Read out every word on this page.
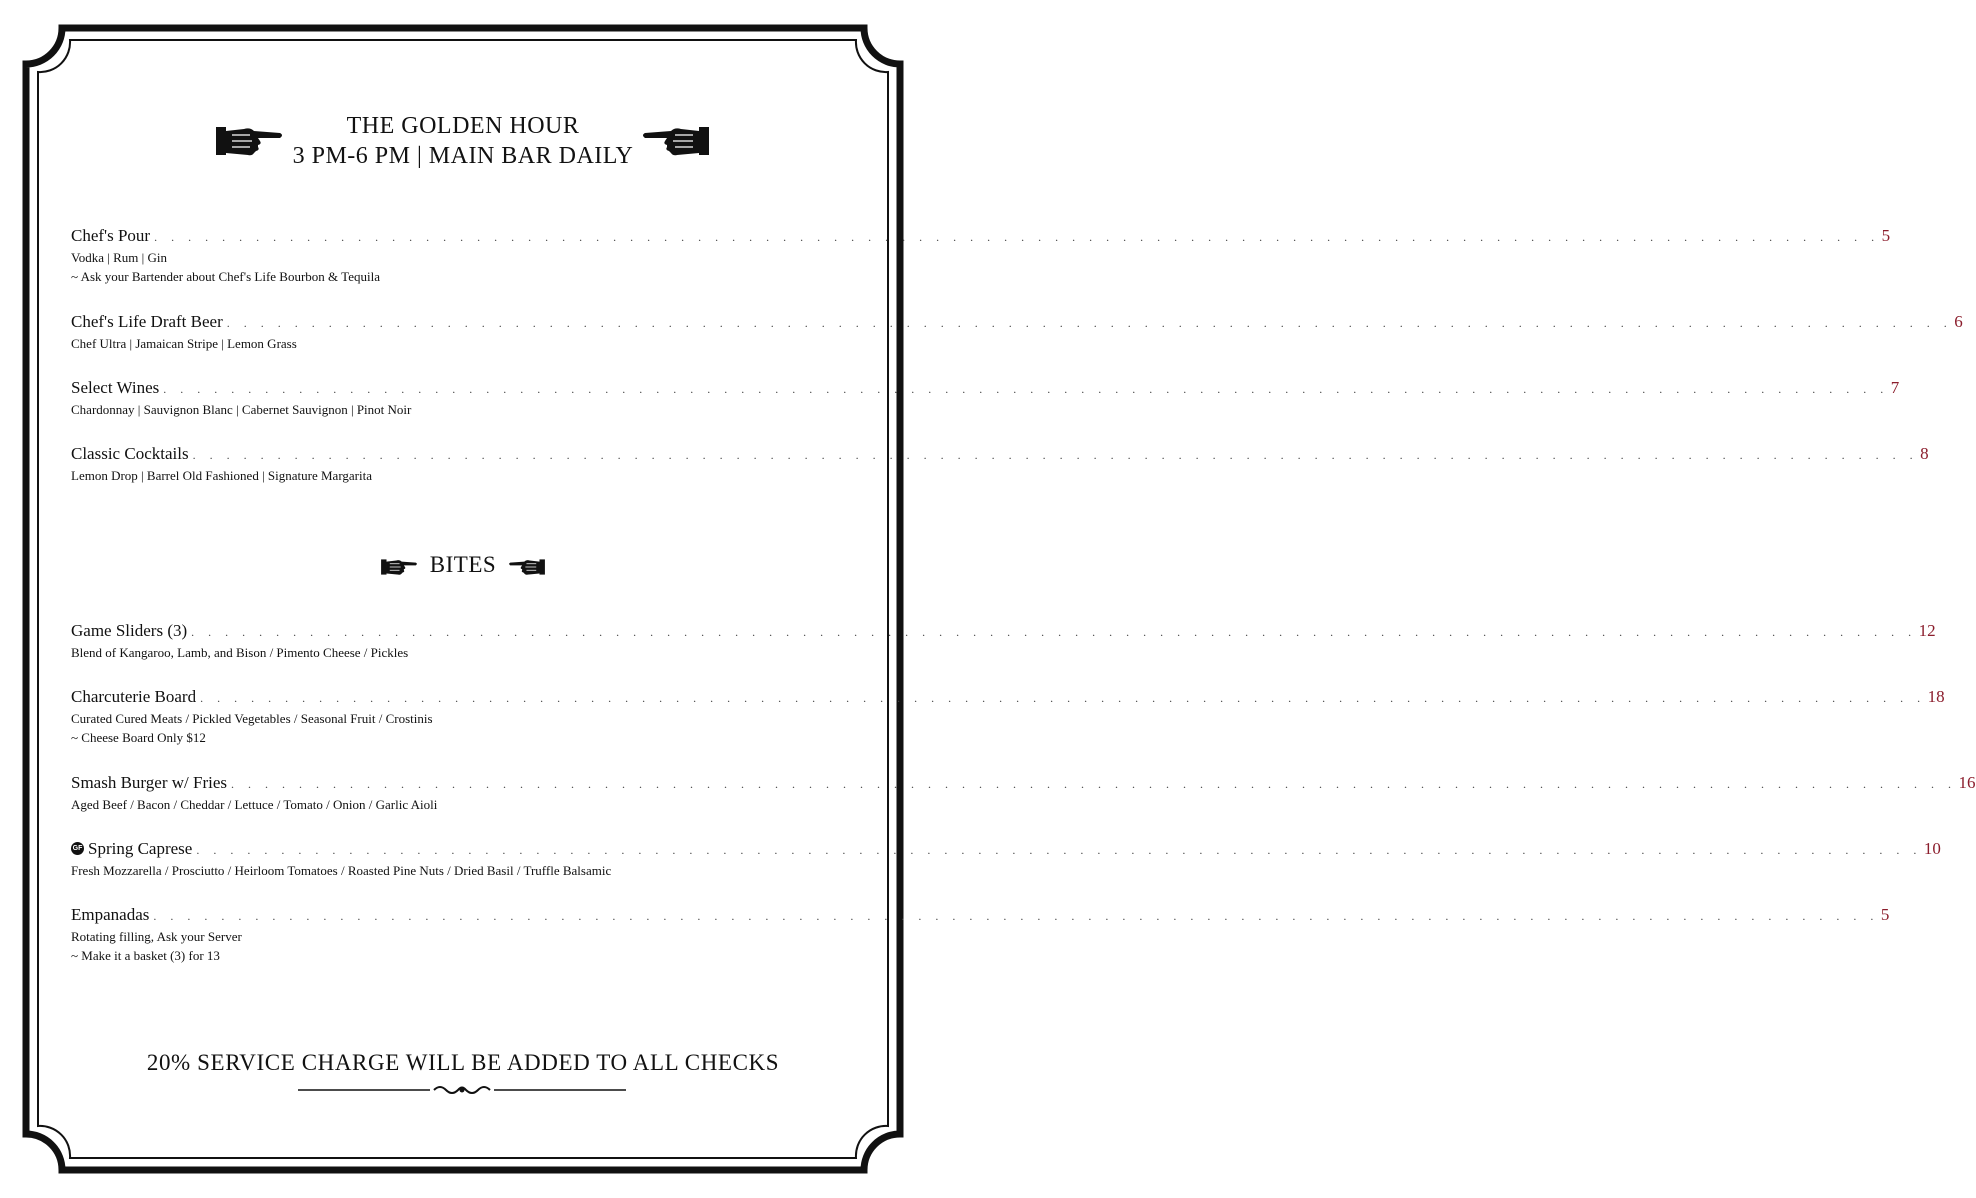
THE GOLDEN HOUR
3 PM-6 PM | MAIN BAR DAILY
Chef's Pour . . . . . . . . . . . . . . . . . . . . . . . . . . . . . . . . . . . . . . . . . . . . . . . . . . . . . . . . . . . . . . . . . . . . . . . . . . . . . . . . . . . . . . . . . . . . . . . . . . . . . . 5
Vodka | Rum | Gin
~ Ask your Bartender about Chef's Life Bourbon & Tequila
Chef's Life Draft Beer . . . . . . . . . . . . . . . . . . . . . . . . . . . . . . . . . . . . . . . . . . . . . . . . . . . . . . . . . . . . . . . . . . . . . . . . . . . . . . . . . . . . . . . . . . . . . . . . . . . . . . 6
Chef Ultra | Jamaican Stripe | Lemon Grass
Select Wines . . . . . . . . . . . . . . . . . . . . . . . . . . . . . . . . . . . . . . . . . . . . . . . . . . . . . . . . . . . . . . . . . . . . . . . . . . . . . . . . . . . . . . . . . . . . . . . . . . . . . . 7
Chardonnay | Sauvignon Blanc | Cabernet Sauvignon | Pinot Noir
Classic Cocktails . . . . . . . . . . . . . . . . . . . . . . . . . . . . . . . . . . . . . . . . . . . . . . . . . . . . . . . . . . . . . . . . . . . . . . . . . . . . . . . . . . . . . . . . . . . . . . . . . . . . . . 8
Lemon Drop | Barrel Old Fashioned | Signature Margarita
BITES
Game Sliders (3) . . . . . . . . . . . . . . . . . . . . . . . . . . . . . . . . . . . . . . . . . . . . . . . . . . . . . . . . . . . . . . . . . . . . . . . . . . . . . . . . . . . . . . . . . . . . . . . . . . . . . . 12
Blend of Kangaroo, Lamb, and Bison / Pimento Cheese / Pickles
Charcuterie Board . . . . . . . . . . . . . . . . . . . . . . . . . . . . . . . . . . . . . . . . . . . . . . . . . . . . . . . . . . . . . . . . . . . . . . . . . . . . . . . . . . . . . . . . . . . . . . . . . . . . . . 18
Curated Cured Meats / Pickled Vegetables / Seasonal Fruit / Crostinis
~ Cheese Board Only $12
Smash Burger w/ Fries . . . . . . . . . . . . . . . . . . . . . . . . . . . . . . . . . . . . . . . . . . . . . . . . . . . . . . . . . . . . . . . . . . . . . . . . . . . . . . . . . . . . . . . . . . . . . . . . . . . . . . 16
Aged Beef / Bacon / Cheddar / Lettuce / Tomato / Onion / Garlic Aioli
GF Spring Caprese . . . . . . . . . . . . . . . . . . . . . . . . . . . . . . . . . . . . . . . . . . . . . . . . . . . . . . . . . . . . . . . . . . . . . . . . . . . . . . . . . . . . . . . . . . . . . . . . . . . . . . 10
Fresh Mozzarella / Prosciutto / Heirloom Tomatoes / Roasted Pine Nuts / Dried Basil / Truffle Balsamic
Empanadas . . . . . . . . . . . . . . . . . . . . . . . . . . . . . . . . . . . . . . . . . . . . . . . . . . . . . . . . . . . . . . . . . . . . . . . . . . . . . . . . . . . . . . . . . . . . . . . . . . . . . . 5
Rotating filling, Ask your Server
~ Make it a basket (3) for 13
20% SERVICE CHARGE WILL BE ADDED TO ALL CHECKS
